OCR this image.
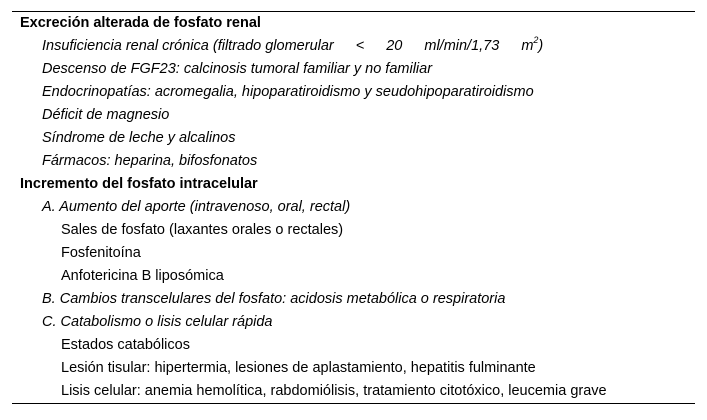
Excreción alterada de fosfato renal
Insuficiencia renal crónica (filtrado glomerular < 20 ml/min/1,73 $m^2$)
Descenso de FGF23: calcinosis tumoral familiar y no familiar
Endocrinopatías: acromegalia, hipoparatiroidismo y seudohipoparatiroidismo
Déficit de magnesio
Síndrome de leche y alcalinos
Fármacos: heparina, bifosfonatos
Incremento del fosfato intracelular
A. Aumento del aporte (intravenoso, oral, rectal)
Sales de fosfato (laxantes orales o rectales)
Fosfenitoína
Anfotericina B liposómica
B. Cambios transcelulares del fosfato: acidosis metabólica o respiratoria
C. Catabolismo o lisis celular rápida
Estados catabólicos
Lesión tisular: hipertermia, lesiones de aplastamiento, hepatitis fulminante
Lisis celular: anemia hemolítica, rabdomiólisis, tratamiento citotóxico, leucemia grave
